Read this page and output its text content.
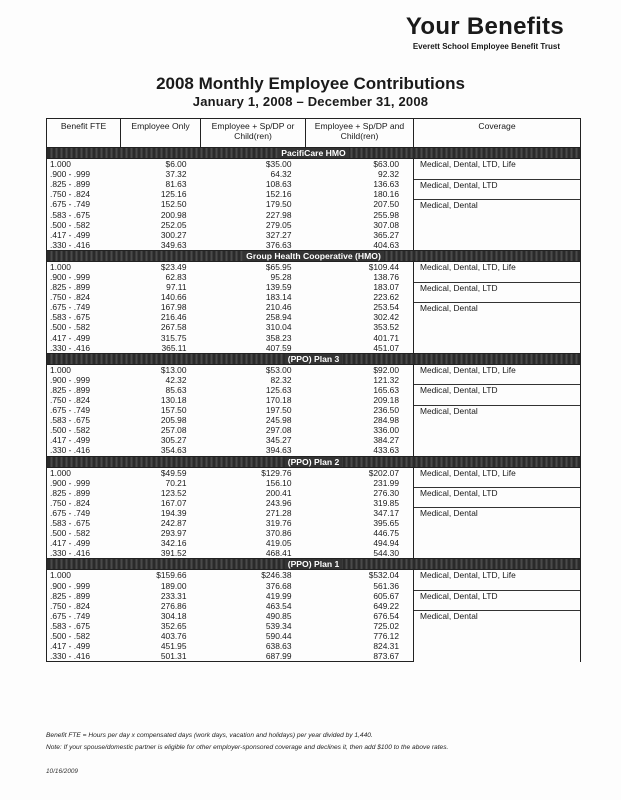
Your Benefits
Everett School Employee Benefit Trust
2008 Monthly Employee Contributions
January 1, 2008 – December 31, 2008
Benefit FTE	Employee Only	Employee + Sp/DP or Child(ren)	Employee + Sp/DP and Child(ren)	Coverage
PacifiCare HMO				
1.000	$6.00	$35.00	$63.00	Medical, Dental, LTD, Life
.900 - .999	37.32	64.32	92.32	
.825 - .899	81.63	108.63	136.63	Medical, Dental, LTD
.750 - .824	125.16	152.16	180.16	
.675 - .749	152.50	179.50	207.50	Medical, Dental
.583 - .675	200.98	227.98	255.98	
.500 - .582	252.05	279.05	307.08	
.417 - .499	300.27	327.27	365.27	
.330 - .416	349.63	376.63	404.63	
Group Health Cooperative (HMO)				
1.000	$23.49	$65.95	$109.44	Medical, Dental, LTD, Life
.900 - .999	62.83	95.28	138.76	
.825 - .899	97.11	139.59	183.07	Medical, Dental, LTD
.750 - .824	140.66	183.14	223.62	
.675 - .749	167.98	210.46	253.54	Medical, Dental
.583 - .675	216.46	258.94	302.42	
.500 - .582	267.58	310.04	353.52	
.417 - .499	315.75	358.23	401.71	
.330 - .416	365.11	407.59	451.07	
(PPO) Plan 3				
1.000	$13.00	$53.00	$92.00	Medical, Dental, LTD, Life
.900 - .999	42.32	82.32	121.32	
.825 - .899	85.63	125.63	165.63	Medical, Dental, LTD
.750 - .824	130.18	170.18	209.18	
.675 - .749	157.50	197.50	236.50	Medical, Dental
.583 - .675	205.98	245.98	284.98	
.500 - .582	257.08	297.08	336.00	
.417 - .499	305.27	345.27	384.27	
.330 - .416	354.63	394.63	433.63	
(PPO) Plan 2				
1.000	$49.59	$129.76	$202.07	Medical, Dental, LTD, Life
.900 - .999	70.21	156.10	231.99	
.825 - .899	123.52	200.41	276.30	Medical, Dental, LTD
.750 - .824	167.07	243.96	319.85	
.675 - .749	194.39	271.28	347.17	Medical, Dental
.583 - .675	242.87	319.76	395.65	
.500 - .582	293.97	370.86	446.75	
.417 - .499	342.16	419.05	494.94	
.330 - .416	391.52	468.41	544.30	
(PPO) Plan 1				
1.000	$159.66	$246.38	$532.04	Medical, Dental, LTD, Life
.900 - .999	189.00	376.68	561.36	
.825 - .899	233.31	419.99	605.67	Medical, Dental, LTD
.750 - .824	276.86	463.54	649.22	
.675 - .749	304.18	490.85	676.54	Medical, Dental
.583 - .675	352.65	539.34	725.02	
.500 - .582	403.76	590.44	776.12	
.417 - .499	451.95	638.63	824.31	
.330 - .416	501.31	687.99	873.67	
Benefit FTE = Hours per day x compensated days (work days, vacation and holidays) per year divided by 1,440.
Note: If your spouse/domestic partner is eligible for other employer-sponsored coverage and declines it, then add $100 to the above rates.
10/16/2009
